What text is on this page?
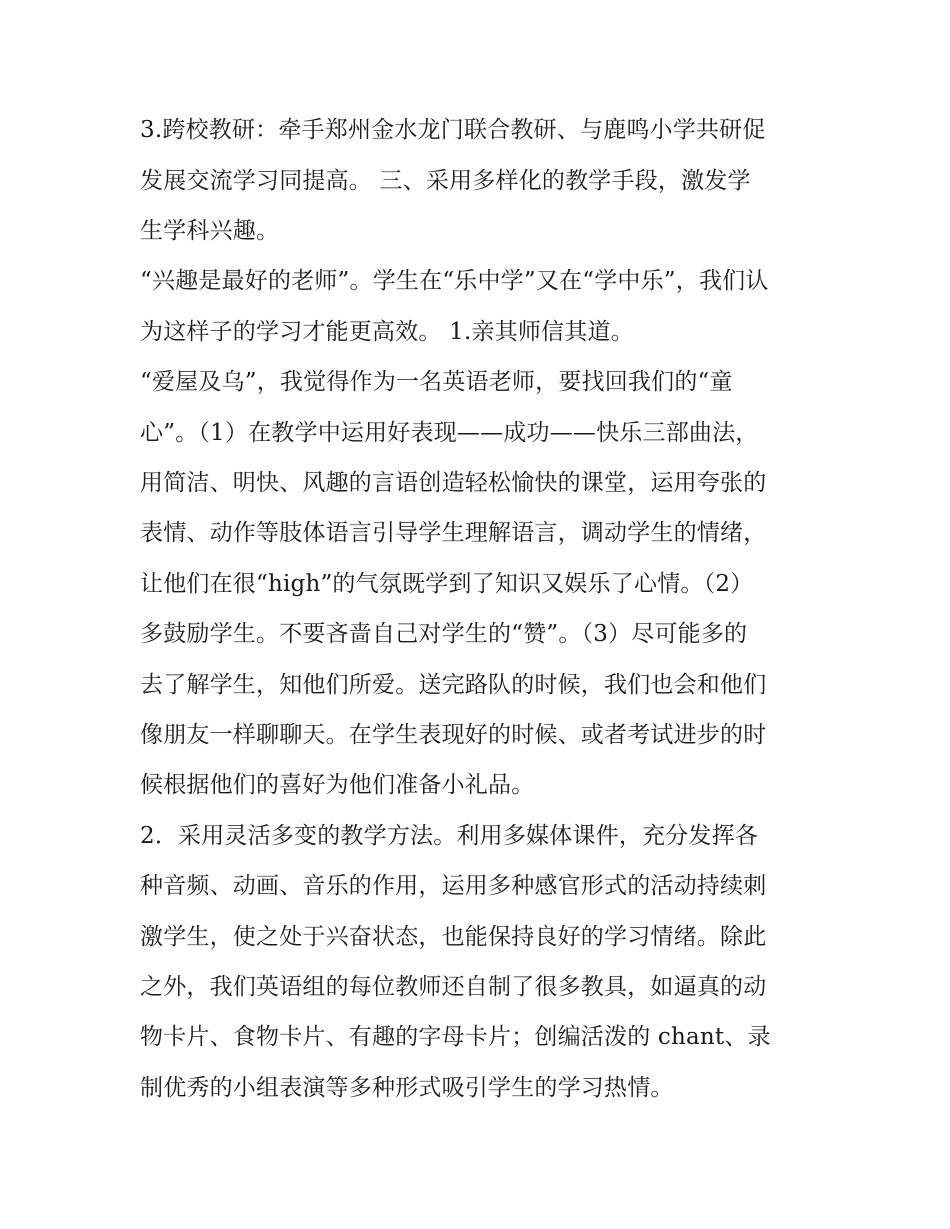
3.跨校教研：牵手郑州金水龙门联合教研、与鹿鸣小学共研促
发展交流学习同提高。 三、采用多样化的教学手段，激发学
生学科兴趣。
“兴趣是最好的老师”。学生在“乐中学”又在“学中乐”，我们认
为这样子的学习才能更高效。 1.亲其师信其道。
“爱屋及乌”，我觉得作为一名英语老师，要找回我们的“童
心”。（1）在教学中运用好表现——成功——快乐三部曲法，
用简洁、明快、风趣的言语创造轻松愉快的课堂，运用夸张的
表情、动作等肢体语言引导学生理解语言，调动学生的情绪，
让他们在很“high”的气氛既学到了知识又娱乐了心情。（2）
多鼓励学生。不要吝啬自己对学生的“赞”。（3）尽可能多的
去了解学生，知他们所爱。送完路队的时候，我们也会和他们
像朋友一样聊聊天。在学生表现好的时候、或者考试进步的时
候根据他们的喜好为他们准备小礼品。
2．采用灵活多变的教学方法。利用多媒体课件，充分发挥各
种音频、动画、音乐的作用，运用多种感官形式的活动持续刺
激学生，使之处于兴奋状态，也能保持良好的学习情绪。除此
之外，我们英语组的每位教师还自制了很多教具，如逼真的动
物卡片、食物卡片、有趣的字母卡片；创编活泼的 chant、录
制优秀的小组表演等多种形式吸引学生的学习热情。
